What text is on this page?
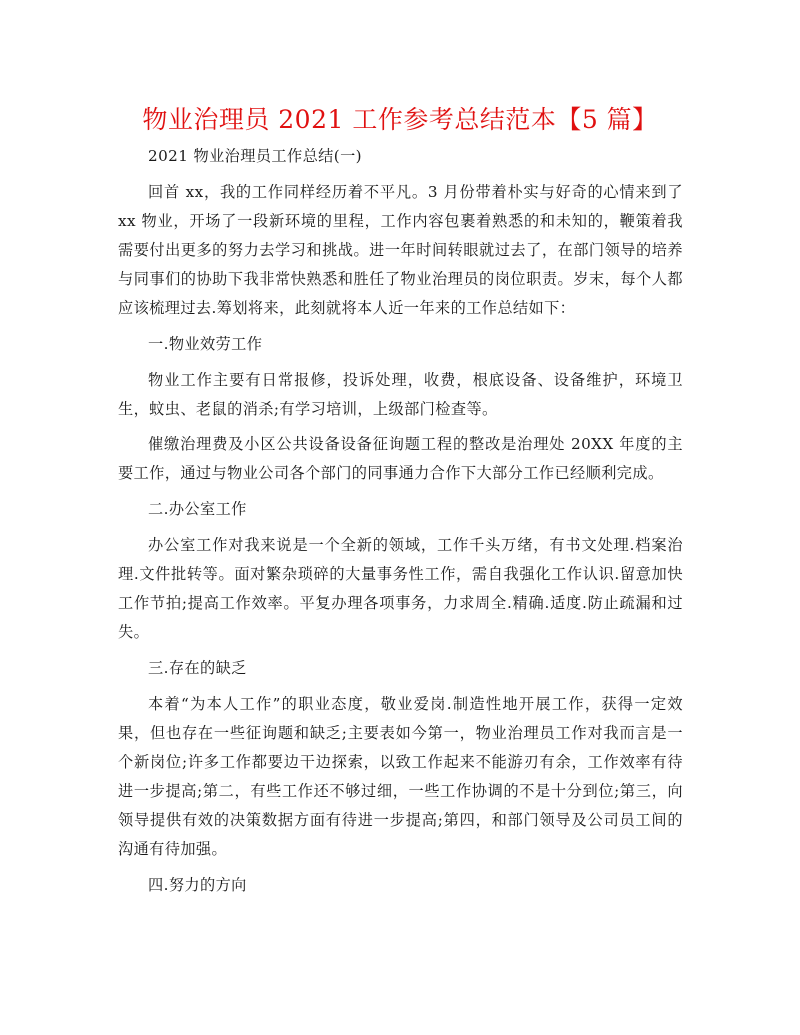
物业治理员 2021 工作参考总结范本【5 篇】

2021 物业治理员工作总结(一)

回首 xx，我的工作同样经历着不平凡。3 月份带着朴实与好奇的心情来到了 xx 物业，开场了一段新环境的里程，工作内容包裹着熟悉的和未知的，鞭策着我需要付出更多的努力去学习和挑战。进一年时间转眼就过去了，在部门领导的培养与同事们的协助下我非常快熟悉和胜任了物业治理员的岗位职责。岁末，每个人都应该梳理过去.筹划将来，此刻就将本人近一年来的工作总结如下：

一.物业效劳工作

物业工作主要有日常报修，投诉处理，收费，根底设备、设备维护，环境卫生，蚊虫、老鼠的消杀;有学习培训，上级部门检查等。

催缴治理费及小区公共设备设备征询题工程的整改是治理处 20XX 年度的主要工作，通过与物业公司各个部门的同事通力合作下大部分工作已经顺利完成。

二.办公室工作

办公室工作对我来说是一个全新的领域，工作千头万绪，有书文处理.档案治理.文件批转等。面对繁杂琐碎的大量事务性工作，需自我强化工作认识.留意加快工作节拍;提高工作效率。平复办理各项事务，力求周全.精确.适度.防止疏漏和过失。

三.存在的缺乏

本着“为本人工作”的职业态度，敬业爱岗.制造性地开展工作，获得一定效果，但也存在一些征询题和缺乏;主要表如今第一，物业治理员工作对我而言是一个新岗位;许多工作都要边干边探索，以致工作起来不能游刃有余，工作效率有待进一步提高;第二，有些工作还不够过细，一些工作协调的不是十分到位;第三，向领导提供有效的决策数据方面有待进一步提高;第四，和部门领导及公司员工间的沟通有待加强。

四.努力的方向
